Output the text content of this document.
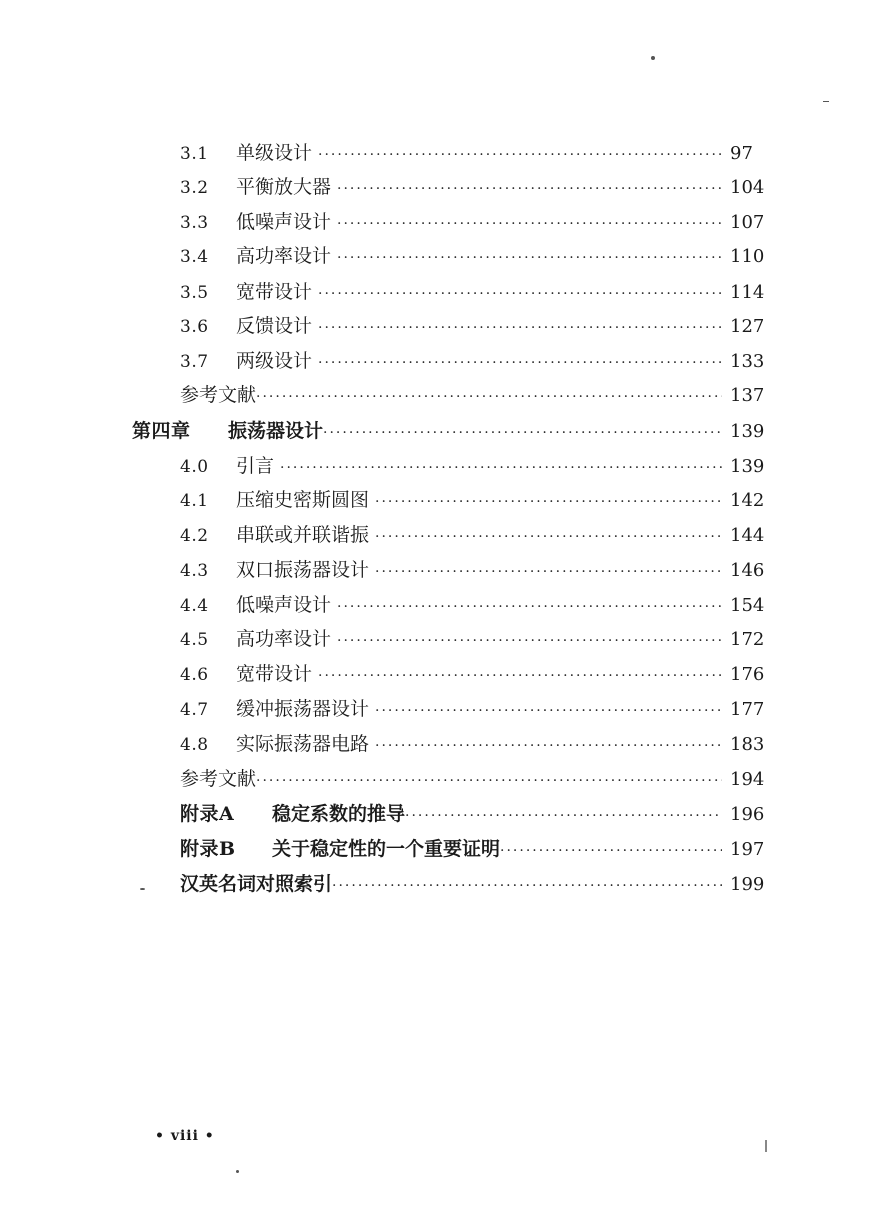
3.1	单级设计 ·····	97
3.2	平衡放大器 ·····	104
3.3	低噪声设计 ·····	107
3.4	高功率设计 ·····	110
3.5	宽带设计 ·····	114
3.6	反馈设计 ·····	127
3.7	两级设计 ·····	133
参考文献 ·····	137
第四章	振荡器设计 ·····	139
4.0	引言 ·····	139
4.1	压缩史密斯圆图 ·····	142
4.2	串联或并联谐振 ·····	144
4.3	双口振荡器设计 ·····	146
4.4	低噪声设计 ·····	154
4.5	高功率设计 ·····	172
4.6	宽带设计 ·····	176
4.7	缓冲振荡器设计 ·····	177
4.8	实际振荡器电路 ·····	183
参考文献 ·····	194
附录A	稳定系数的推导 ·····	196
附录B	关于稳定性的一个重要证明 ·····	197
汉英名词对照索引 ·····	199
• viii •
